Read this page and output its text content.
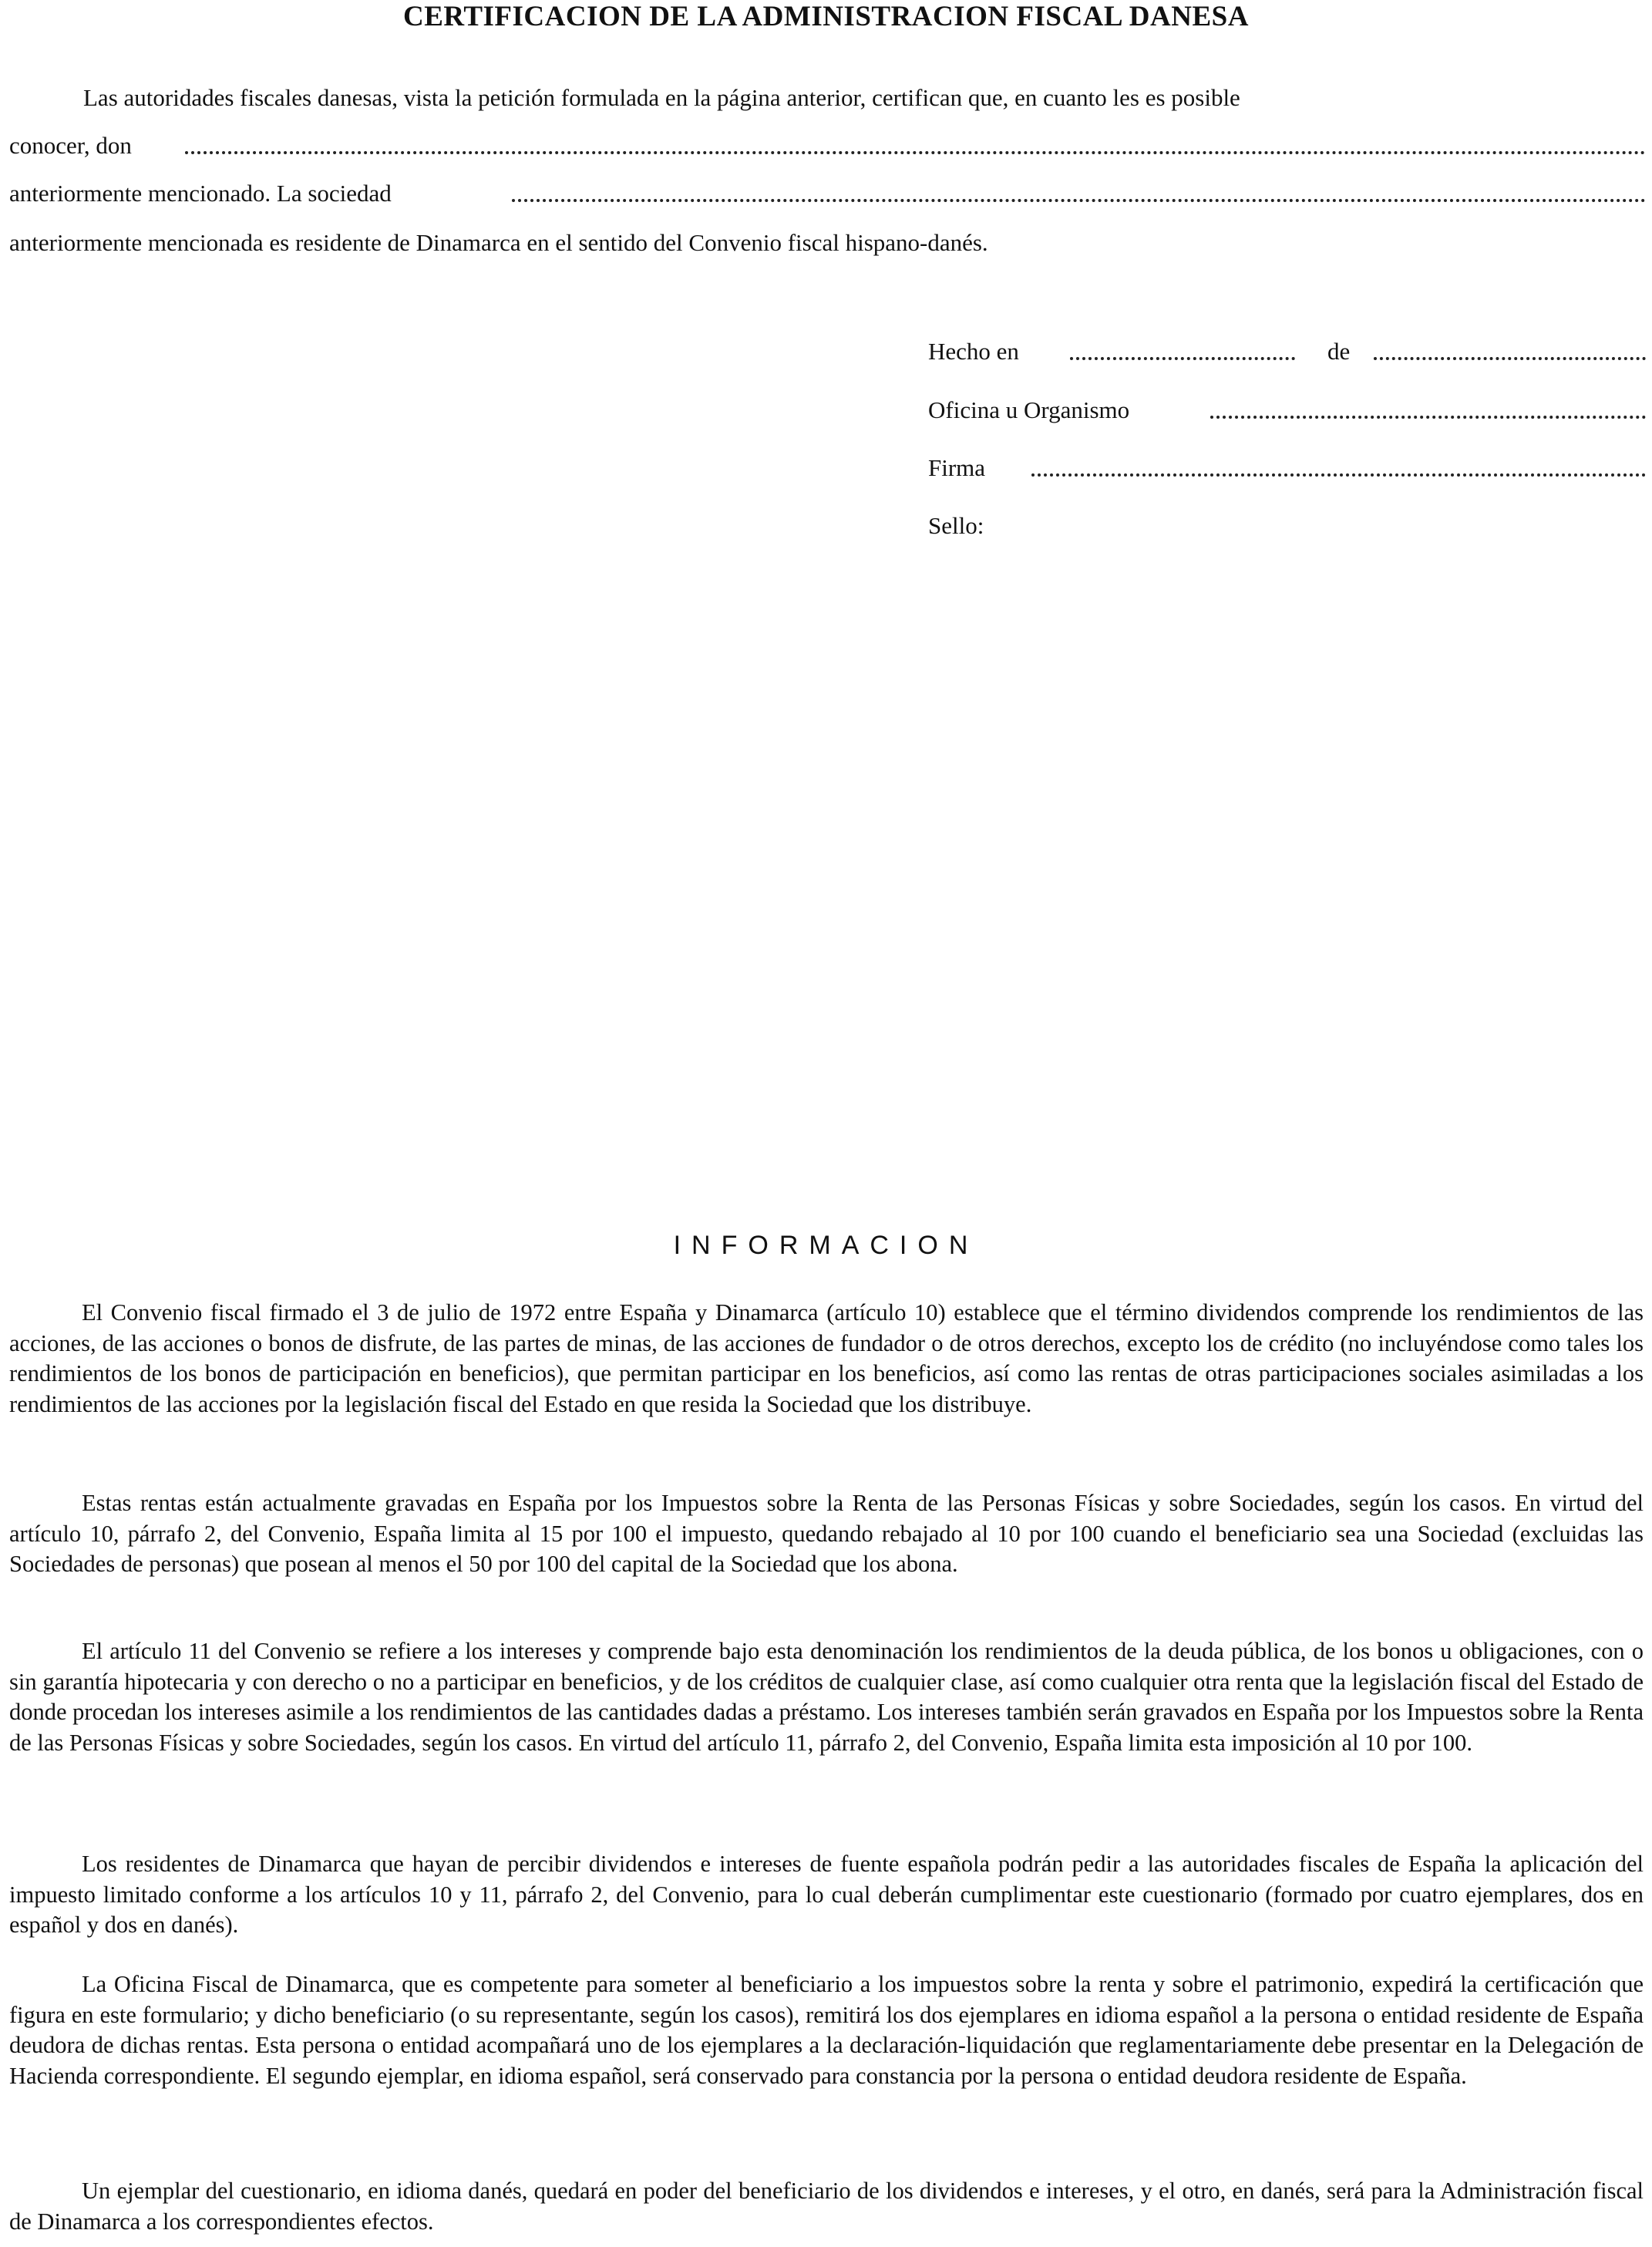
CERTIFICACION DE LA ADMINISTRACION FISCAL DANESA
Las autoridades fiscales danesas, vista la petición formulada en la página anterior, certifican que, en cuanto les es posible
conocer, don
anteriormente mencionado. La sociedad
anteriormente mencionada es residente de Dinamarca en el sentido del Convenio fiscal hispano-danés.
Hecho en	de
Oficina u Organismo
Firma
Sello:
INFORMACION

El Convenio fiscal firmado el 3 de julio de 1972 entre España y Dinamarca (artículo 10) establece que el término dividendos comprende los rendimientos de las acciones, de las acciones o bonos de disfrute, de las partes de minas, de las acciones de fundador o de otros derechos, excepto los de crédito (no incluyéndose como tales los rendimientos de los bonos de participación en beneficios), que permitan participar en los beneficios, así como las rentas de otras participaciones sociales asimiladas a los rendimientos de las acciones por la legislación fiscal del Estado en que resida la Sociedad que los distribuye.

Estas rentas están actualmente gravadas en España por los Impuestos sobre la Renta de las Personas Físicas y sobre Sociedades, según los casos. En virtud del artículo 10, párrafo 2, del Convenio, España limita al 15 por 100 el impuesto, quedando rebajado al 10 por 100 cuando el beneficiario sea una Sociedad (excluidas las Sociedades de personas) que posean al menos el 50 por 100 del capital de la Sociedad que los abona.

El artículo 11 del Convenio se refiere a los intereses y comprende bajo esta denominación los rendimientos de la deuda pública, de los bonos u obligaciones, con o sin garantía hipotecaria y con derecho o no a participar en beneficios, y de los créditos de cualquier clase, así como cualquier otra renta que la legislación fiscal del Estado de donde procedan los intereses asimile a los rendimientos de las cantidades dadas a préstamo. Los intereses también serán gravados en España por los Impuestos sobre la Renta de las Personas Físicas y sobre Sociedades, según los casos. En virtud del artículo 11, párrafo 2, del Convenio, España limita esta imposición al 10 por 100.

Los residentes de Dinamarca que hayan de percibir dividendos e intereses de fuente española podrán pedir a las autoridades fiscales de España la aplicación del impuesto limitado conforme a los artículos 10 y 11, párrafo 2, del Convenio, para lo cual deberán cumplimentar este cuestionario (formado por cuatro ejemplares, dos en español y dos en danés).

La Oficina Fiscal de Dinamarca, que es competente para someter al beneficiario a los impuestos sobre la renta y sobre el patrimonio, expedirá la certificación que figura en este formulario; y dicho beneficiario (o su representante, según los casos), remitirá los dos ejemplares en idioma español a la persona o entidad residente de España deudora de dichas rentas. Esta persona o entidad acompañará uno de los ejemplares a la declaración-liquidación que reglamentariamente debe presentar en la Delegación de Hacienda correspondiente. El segundo ejemplar, en idioma español, será conservado para constancia por la persona o entidad deudora residente de España.

Un ejemplar del cuestionario, en idioma danés, quedará en poder del beneficiario de los dividendos e intereses, y el otro, en danés, será para la Administración fiscal de Dinamarca a los correspondientes efectos.
